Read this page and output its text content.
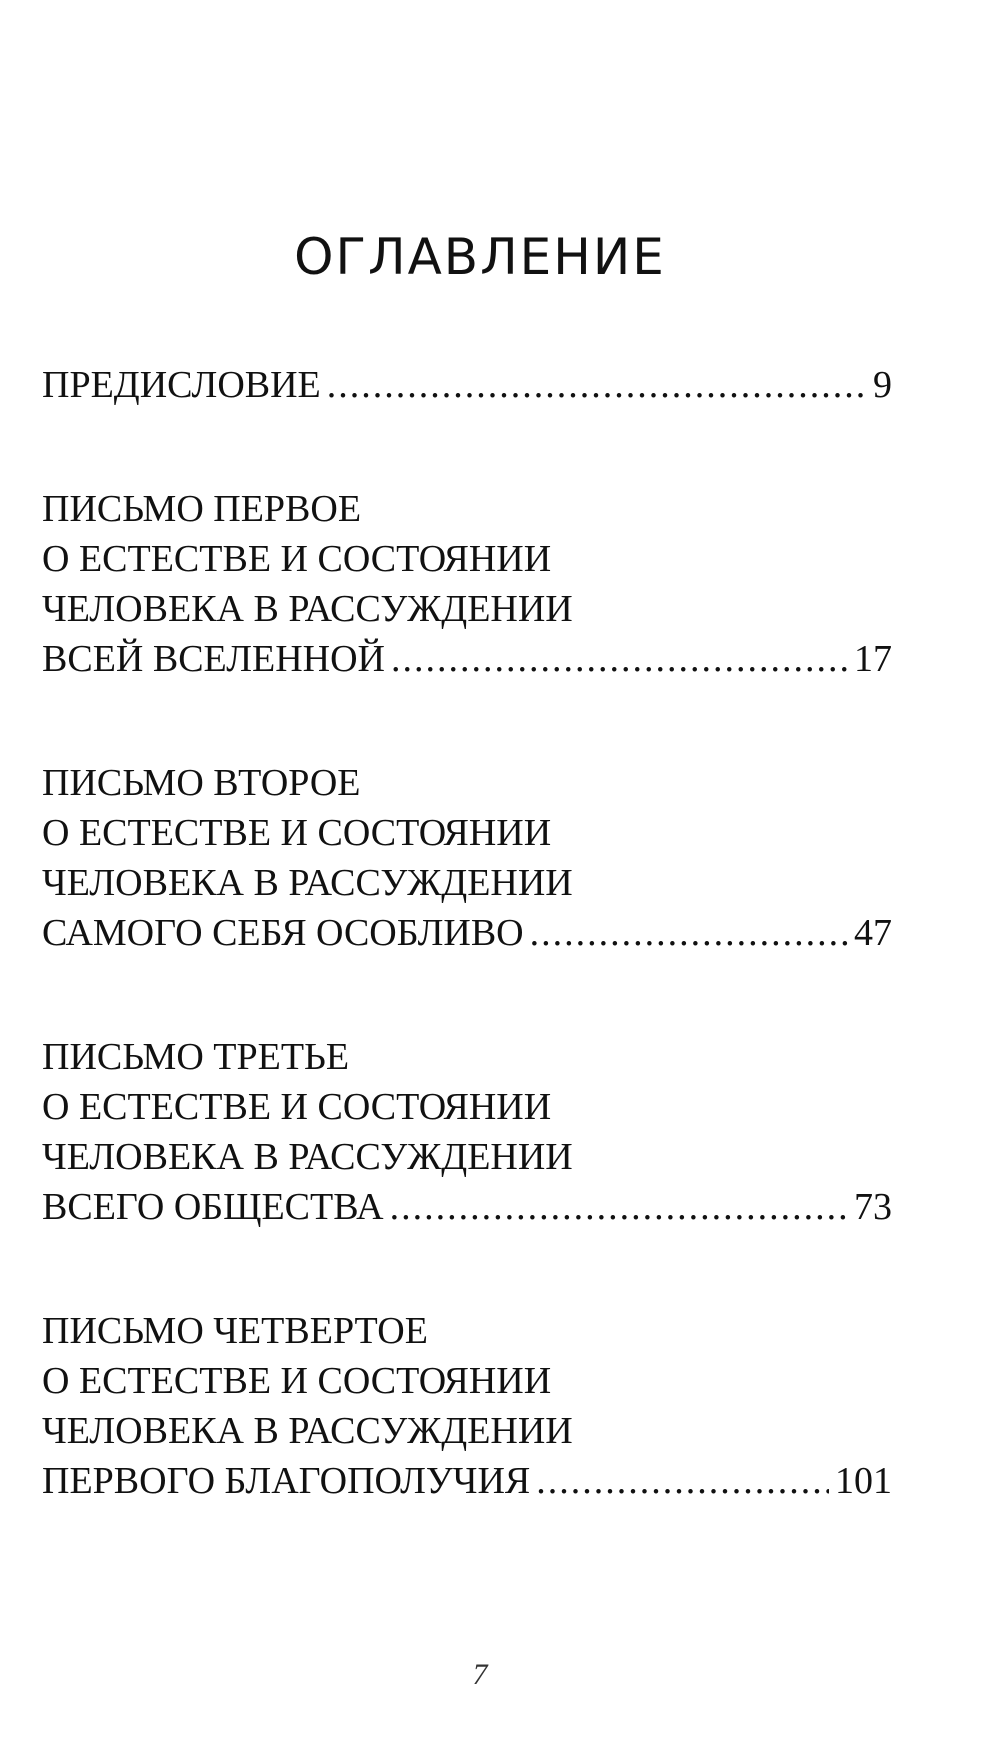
ОГЛАВЛЕНИЕ
ПРЕДИСЛОВИЕ .....	9
ПИСЬМО ПЕРВОЕ
О ЕСТЕСТВЕ И СОСТОЯНИИ
ЧЕЛОВЕКА В РАССУЖДЕНИИ
ВСЕЙ ВСЕЛЕННОЙ .....	17
ПИСЬМО ВТОРОЕ
О ЕСТЕСТВЕ И СОСТОЯНИИ
ЧЕЛОВЕКА В РАССУЖДЕНИИ
САМОГО СЕБЯ ОСОБЛИВО .....	47
ПИСЬМО ТРЕТЬЕ
О ЕСТЕСТВЕ И СОСТОЯНИИ
ЧЕЛОВЕКА В РАССУЖДЕНИИ
ВСЕГО ОБЩЕСТВА .....	73
ПИСЬМО ЧЕТВЕРТОЕ
О ЕСТЕСТВЕ И СОСТОЯНИИ
ЧЕЛОВЕКА В РАССУЖДЕНИИ
ПЕРВОГО БЛАГОПОЛУЧИЯ .....	101
7
